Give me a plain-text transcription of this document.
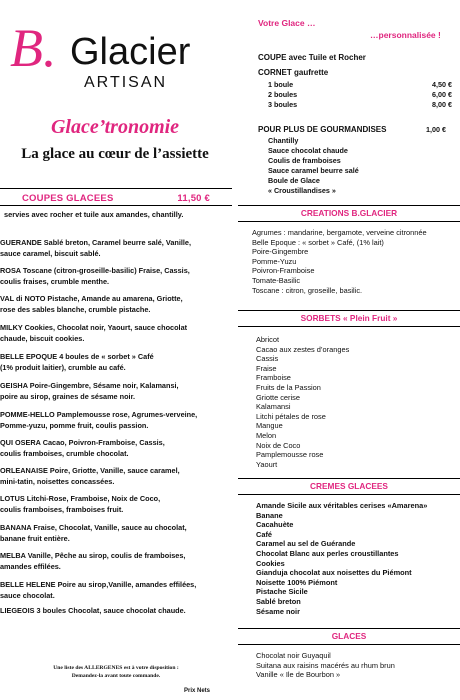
B. Glacier
ARTISAN
Glace’tronomie
La glace au cœur de l’assiette
COUPES GLACEES	11,50 €
servies avec rocher et tuile aux amandes, chantilly.
GUERANDE Sablé breton, Caramel beurre salé, Vanille,
sauce caramel, biscuit sablé.
ROSA Toscane (citron-groseille-basilic) Fraise, Cassis,
coulis fraises, crumble menthe.
VAL di NOTO Pistache, Amande au amarena, Griotte,
rose des sables blanche, crumble pistache.
MILKY Cookies, Chocolat noir, Yaourt, sauce chocolat
chaude, biscuit cookies.
BELLE EPOQUE 4 boules de « sorbet » Café
(1% produit laitier), crumble au café.
GEISHA Poire-Gingembre, Sésame noir, Kalamansi,
poire au sirop, graines de sésame noir.
POMME-HELLO Pamplemousse rose, Agrumes-verveine,
Pomme-yuzu, pomme fruit, coulis passion.
QUI OSERA Cacao, Poivron-Framboise, Cassis,
coulis framboises, crumble chocolat.
ORLEANAISE Poire, Griotte, Vanille, sauce caramel,
mini-tatin, noisettes concassées.
LOTUS Litchi-Rose, Framboise, Noix de Coco,
coulis framboises, framboises fruit.
BANANA Fraise, Chocolat, Vanille, sauce au chocolat,
banane fruit entière.
MELBA Vanille, Pêche au sirop, coulis de framboises,
amandes effilées.
BELLE HELENE Poire au sirop,Vanille, amandes effilées,
sauce chocolat.
LIEGEOIS 3 boules Chocolat, sauce chocolat chaude.
Une liste des ALLERGENES est à votre disposition :
Demandez-la avant toute commande.
Prix Nets
Votre Glace …
…personnalisée !
COUPE avec Tuile et Rocher
CORNET gaufrette
1 boule	4,50 €
2 boules	6,00 €
3 boules	8,00 €
POUR PLUS DE GOURMANDISES	1,00 €
Chantilly
Sauce chocolat chaude
Coulis de framboises
Sauce caramel beurre salé
Boule de Glace
« Croustillandises »
CREATIONS B.GLACIER
Agrumes : mandarine, bergamote, verveine citronnée
Belle Epoque : « sorbet » Café, (1% lait)
Poire-Gingembre
Pomme-Yuzu
Poivron-Framboise
Tomate-Basilic
Toscane : citron, groseille, basilic.
SORBETS « Plein Fruit »
Abricot
Cacao aux zestes d’oranges
Cassis
Fraise
Framboise
Fruits de la Passion
Griotte cerise
Kalamansi
Litchi pétales de rose
Mangue
Melon
Noix de Coco
Pamplemousse rose
Yaourt
CREMES GLACEES
Amande Sicile aux véritables cerises «Amarena»
Banane
Cacahuète
Café
Caramel au sel de Guérande
Chocolat Blanc aux perles croustillantes
Cookies
Gianduja chocolat aux noisettes du Piémont
Noisette 100% Piémont
Pistache Sicile
Sablé breton
Sésame noir
GLACES
Chocolat noir Guyaquil
Suitana aux raisins macérés au rhum brun
Vanille « Ile de Bourbon »
